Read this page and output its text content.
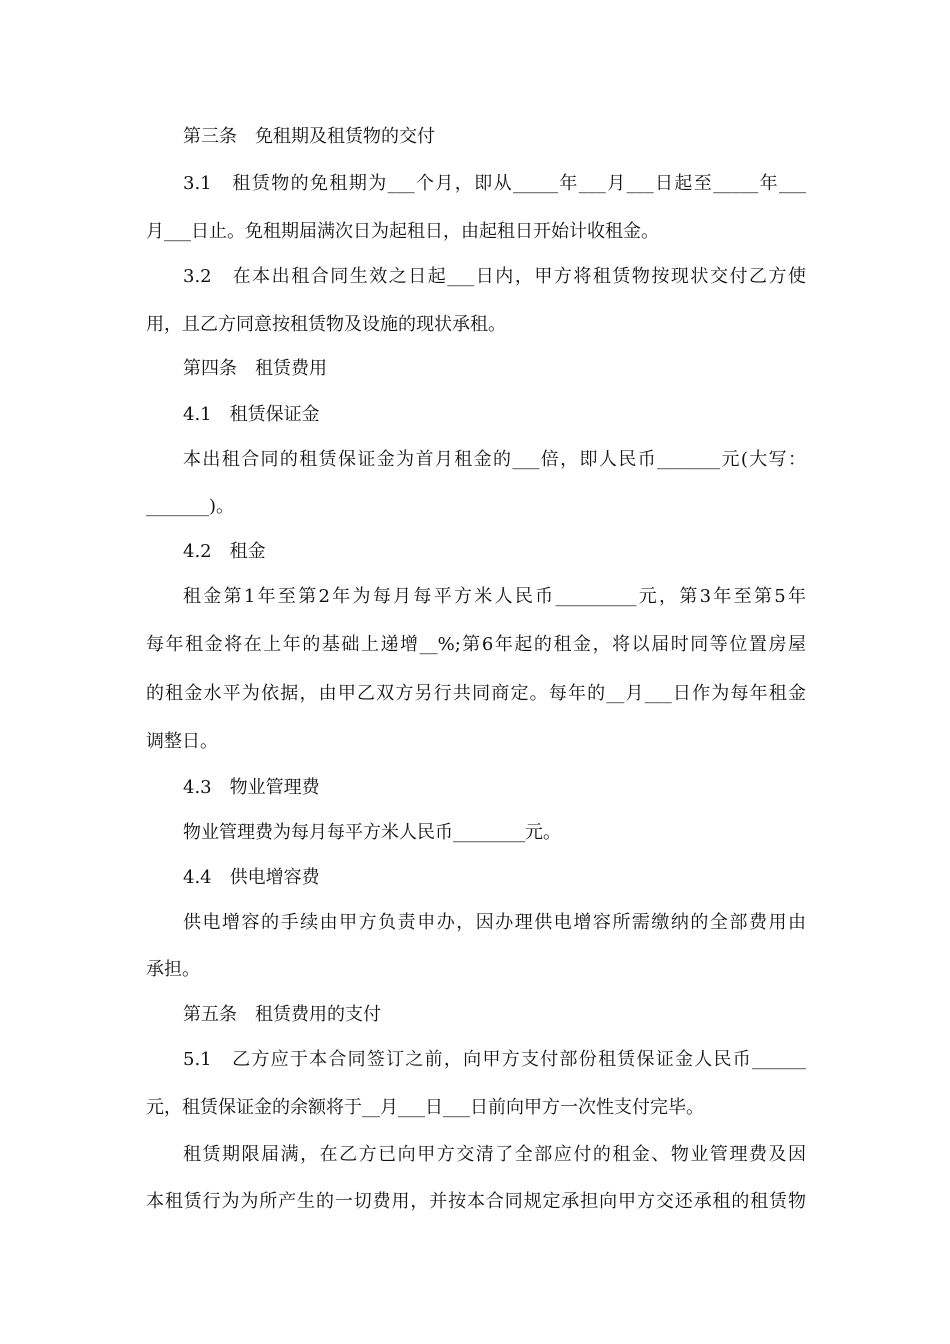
第三条　免租期及租赁物的交付
3.1　租赁物的免租期为___个月，即从_____年___月___日起至_____年___
月___日止。免租期届满次日为起租日，由起租日开始计收租金。
3.2　在本出租合同生效之日起___日内，甲方将租赁物按现状交付乙方使
用，且乙方同意按租赁物及设施的现状承租。
第四条　租赁费用
4.1　租赁保证金
本出租合同的租赁保证金为首月租金的___倍，即人民币_______元(大写：
_______)。
4.2　租金
租金第1年至第2年为每月每平方米人民币_________元，第3年至第5年
每年租金将在上年的基础上递增__%;第6年起的租金，将以届时同等位置房屋
的租金水平为依据，由甲乙双方另行共同商定。每年的__月___日作为每年租金
调整日。
4.3　物业管理费
物业管理费为每月每平方米人民币________元。
4.4　供电增容费
供电增容的手续由甲方负责申办，因办理供电增容所需缴纳的全部费用由
承担。
第五条　租赁费用的支付
5.1　乙方应于本合同签订之前，向甲方支付部份租赁保证金人民币______
元，租赁保证金的余额将于__月___日___日前向甲方一次性支付完毕。
租赁期限届满，在乙方已向甲方交清了全部应付的租金、物业管理费及因
本租赁行为为所产生的一切费用，并按本合同规定承担向甲方交还承租的租赁物
